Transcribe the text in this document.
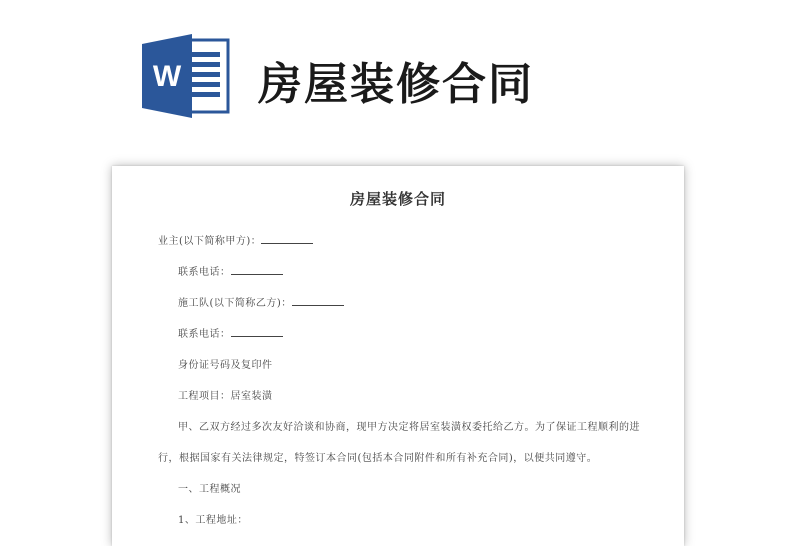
W 房屋装修合同
房屋装修合同
业主(以下简称甲方)：
联系电话：
施工队(以下简称乙方)：
联系电话：
身份证号码及复印件
工程项目：居室装潢
甲、乙双方经过多次友好洽谈和协商，现甲方决定将居室装潢权委托给乙方。为了保证工程顺利的进
行，根据国家有关法律规定，特签订本合同(包括本合同附件和所有补充合同)，以便共同遵守。
一、工程概况
1、工程地址：
